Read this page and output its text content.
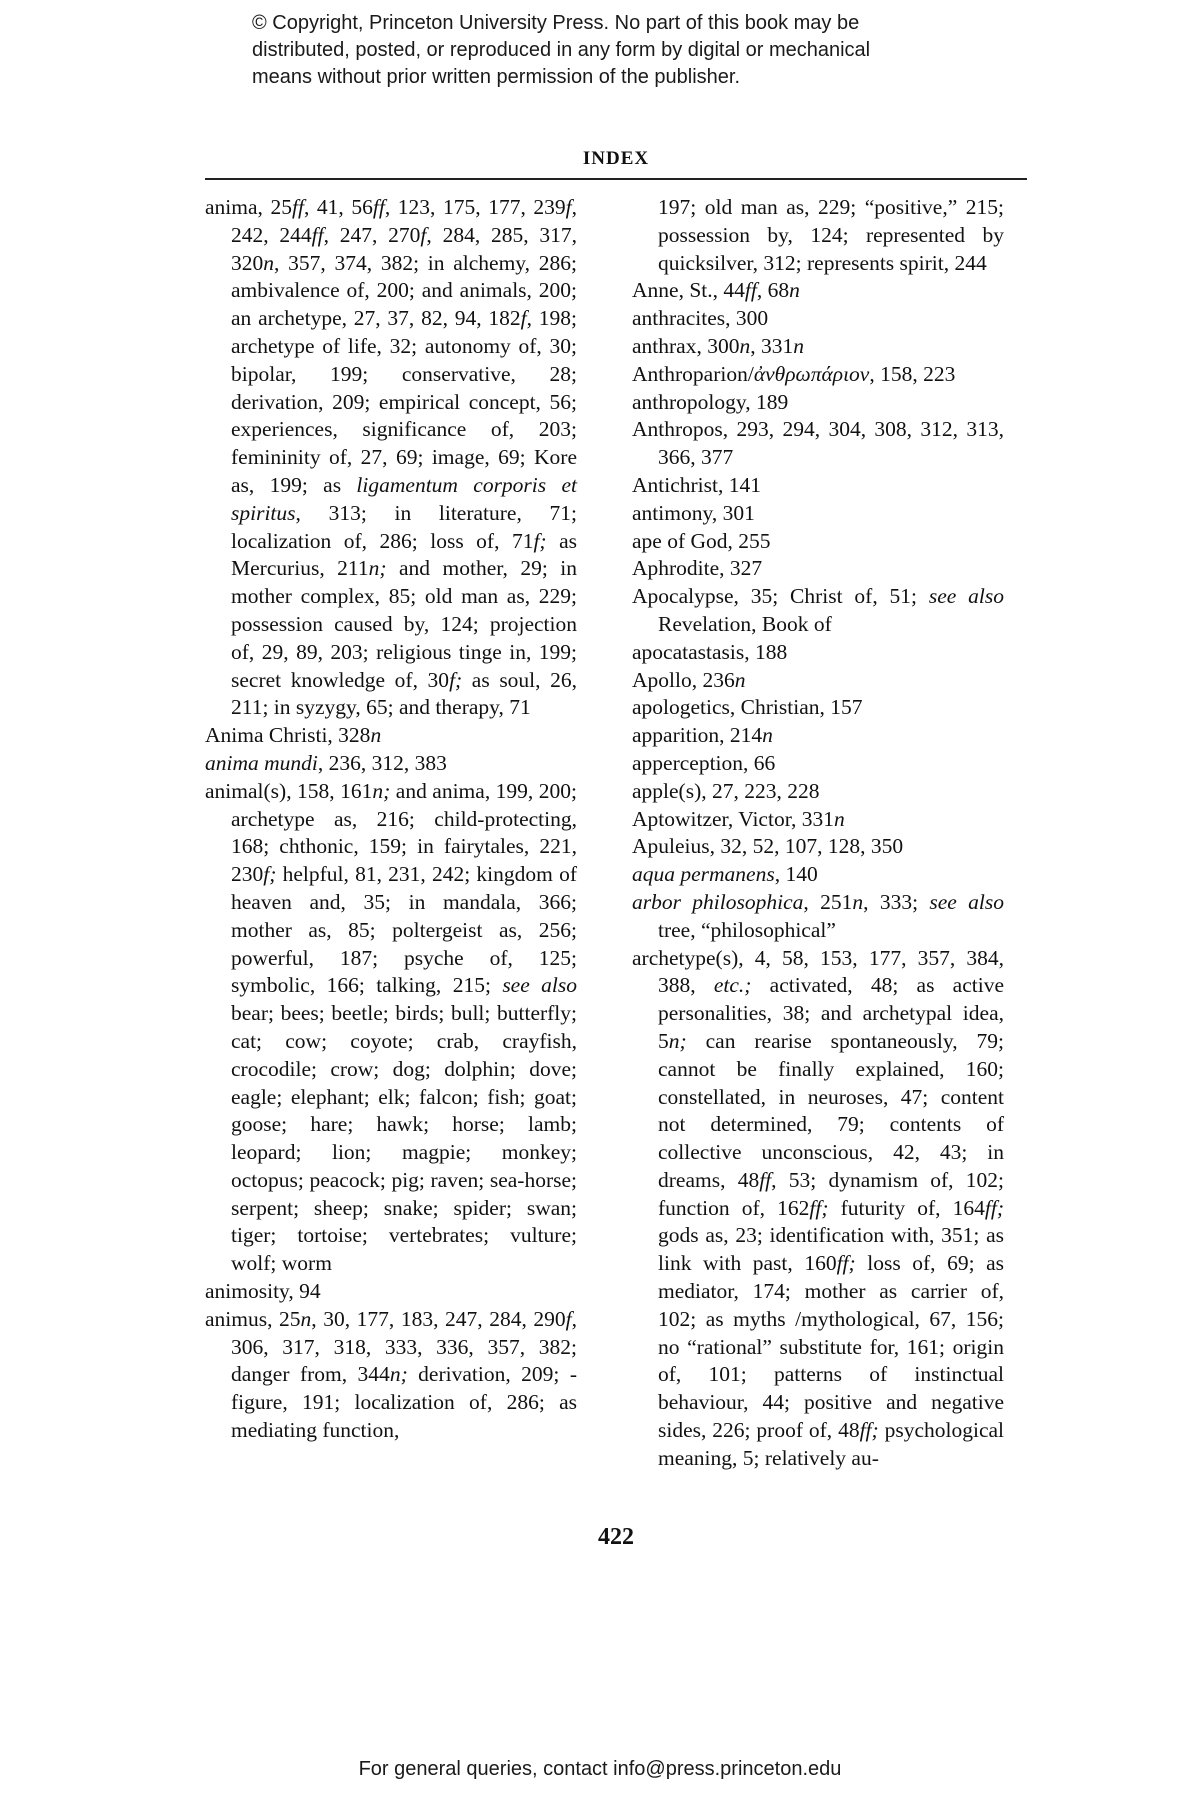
© Copyright, Princeton University Press. No part of this book may be
distributed, posted, or reproduced in any form by digital or mechanical
means without prior written permission of the publisher.
INDEX

anima, 25ff, 41, 56ff, 123, 175, 177, 239f, 242, 244ff, 247, 270f, 284, 285, 317, 320n, 357, 374, 382; in alchemy, 286; ambivalence of, 200; and animals, 200; an archetype, 27, 37, 82, 94, 182f, 198; archetype of life, 32; autonomy of, 30; bipolar, 199; conservative, 28; derivation, 209; empirical concept, 56; experiences, significance of, 203; femininity of, 27, 69; image, 69; Kore as, 199; as ligamentum corporis et spiritus, 313; in literature, 71; localization of, 286; loss of, 71f; as Mercurius, 211n; and mother, 29; in mother complex, 85; old man as, 229; possession caused by, 124; projection of, 29, 89, 203; religious tinge in, 199; secret knowledge of, 30f; as soul, 26, 211; in syzygy, 65; and therapy, 71

Anima Christi, 328n

anima mundi, 236, 312, 383

animal(s), 158, 161n; and anima, 199, 200; archetype as, 216; child-protecting, 168; chthonic, 159; in fairytales, 221, 230f; helpful, 81, 231, 242; kingdom of heaven and, 35; in mandala, 366; mother as, 85; poltergeist as, 256; powerful, 187; psyche of, 125; symbolic, 166; talking, 215; see also bear; bees; beetle; birds; bull; butterfly; cat; cow; coyote; crab, crayfish, crocodile; crow; dog; dolphin; dove; eagle; elephant; elk; falcon; fish; goat; goose; hare; hawk; horse; lamb; leopard; lion; magpie; monkey; octopus; peacock; pig; raven; sea-horse; serpent; sheep; snake; spider; swan; tiger; tortoise; vertebrates; vulture; wolf; worm

animosity, 94

animus, 25n, 30, 177, 183, 247, 284, 290f, 306, 317, 318, 333, 336, 357, 382; danger from, 344n; derivation, 209; -figure, 191; localization of, 286; as mediating function,

197; old man as, 229; “positive,” 215; possession by, 124; represented by quicksilver, 312; represents spirit, 244

Anne, St., 44ff, 68n

anthracites, 300

anthrax, 300n, 331n

Anthroparion/ἀνθρωπάριον, 158, 223

anthropology, 189

Anthropos, 293, 294, 304, 308, 312, 313, 366, 377

Antichrist, 141

antimony, 301

ape of God, 255

Aphrodite, 327

Apocalypse, 35; Christ of, 51; see also Revelation, Book of

apocatastasis, 188

Apollo, 236n

apologetics, Christian, 157

apparition, 214n

apperception, 66

apple(s), 27, 223, 228

Aptowitzer, Victor, 331n

Apuleius, 32, 52, 107, 128, 350

aqua permanens, 140

arbor philosophica, 251n, 333; see also tree, “philosophical”

archetype(s), 4, 58, 153, 177, 357, 384, 388, etc.; activated, 48; as active personalities, 38; and archetypal idea, 5n; can rearise spontaneously, 79; cannot be finally explained, 160; constellated, in neuroses, 47; content not determined, 79; contents of collective unconscious, 42, 43; in dreams, 48ff, 53; dynamism of, 102; function of, 162ff; futurity of, 164ff; gods as, 23; identification with, 351; as link with past, 160ff; loss of, 69; as mediator, 174; mother as carrier of, 102; as myths /mythological, 67, 156; no “rational” substitute for, 161; origin of, 101; patterns of instinctual behaviour, 44; positive and negative sides, 226; proof of, 48ff; psychological meaning, 5; relatively au-

422
For general queries, contact info@press.princeton.edu
